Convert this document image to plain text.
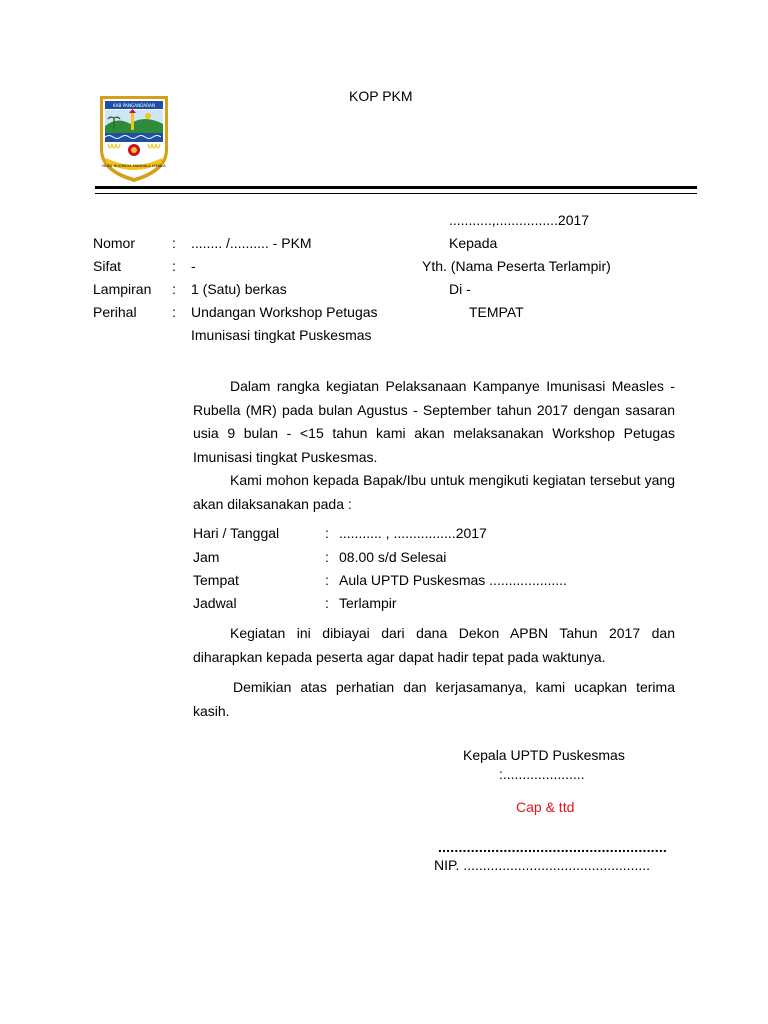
KOP PKM
KAB PANGANDARAN
NUSA NUGRAHA MANDALA HIMALA
...........,................2017
Nomor	: ........ /.......... - PKM
Sifat	: -
Lampiran : 1 (Satu) berkas
Perihal	: Undangan Workshop Petugas
Imunisasi tingkat Puskesmas
Kepada
Yth. (Nama Peserta Terlampir)
Di -
TEMPAT
Dalam rangka kegiatan Pelaksanaan Kampanye Imunisasi Measles - Rubella (MR) pada bulan Agustus - September tahun 2017 dengan sasaran usia 9 bulan - <15 tahun kami akan melaksanakan Workshop Petugas Imunisasi tingkat Puskesmas.
Kami mohon kepada Bapak/Ibu untuk mengikuti kegiatan tersebut yang akan dilaksanakan pada :
Hari / Tanggal	: ........... , ................2017
Jam	: 08.00 s/d Selesai
Tempat	: Aula UPTD Puskesmas ....................
Jadwal	: Terlampir
Kegiatan ini dibiayai dari dana Dekon APBN Tahun 2017 dan diharapkan kepada peserta agar dapat hadir tepat pada waktunya.
Demikian atas perhatian dan kerjasamanya, kami ucapkan terima kasih.
Kepala UPTD Puskesmas
:.....................
Cap & ttd
........................................................
NIP. ................................................
